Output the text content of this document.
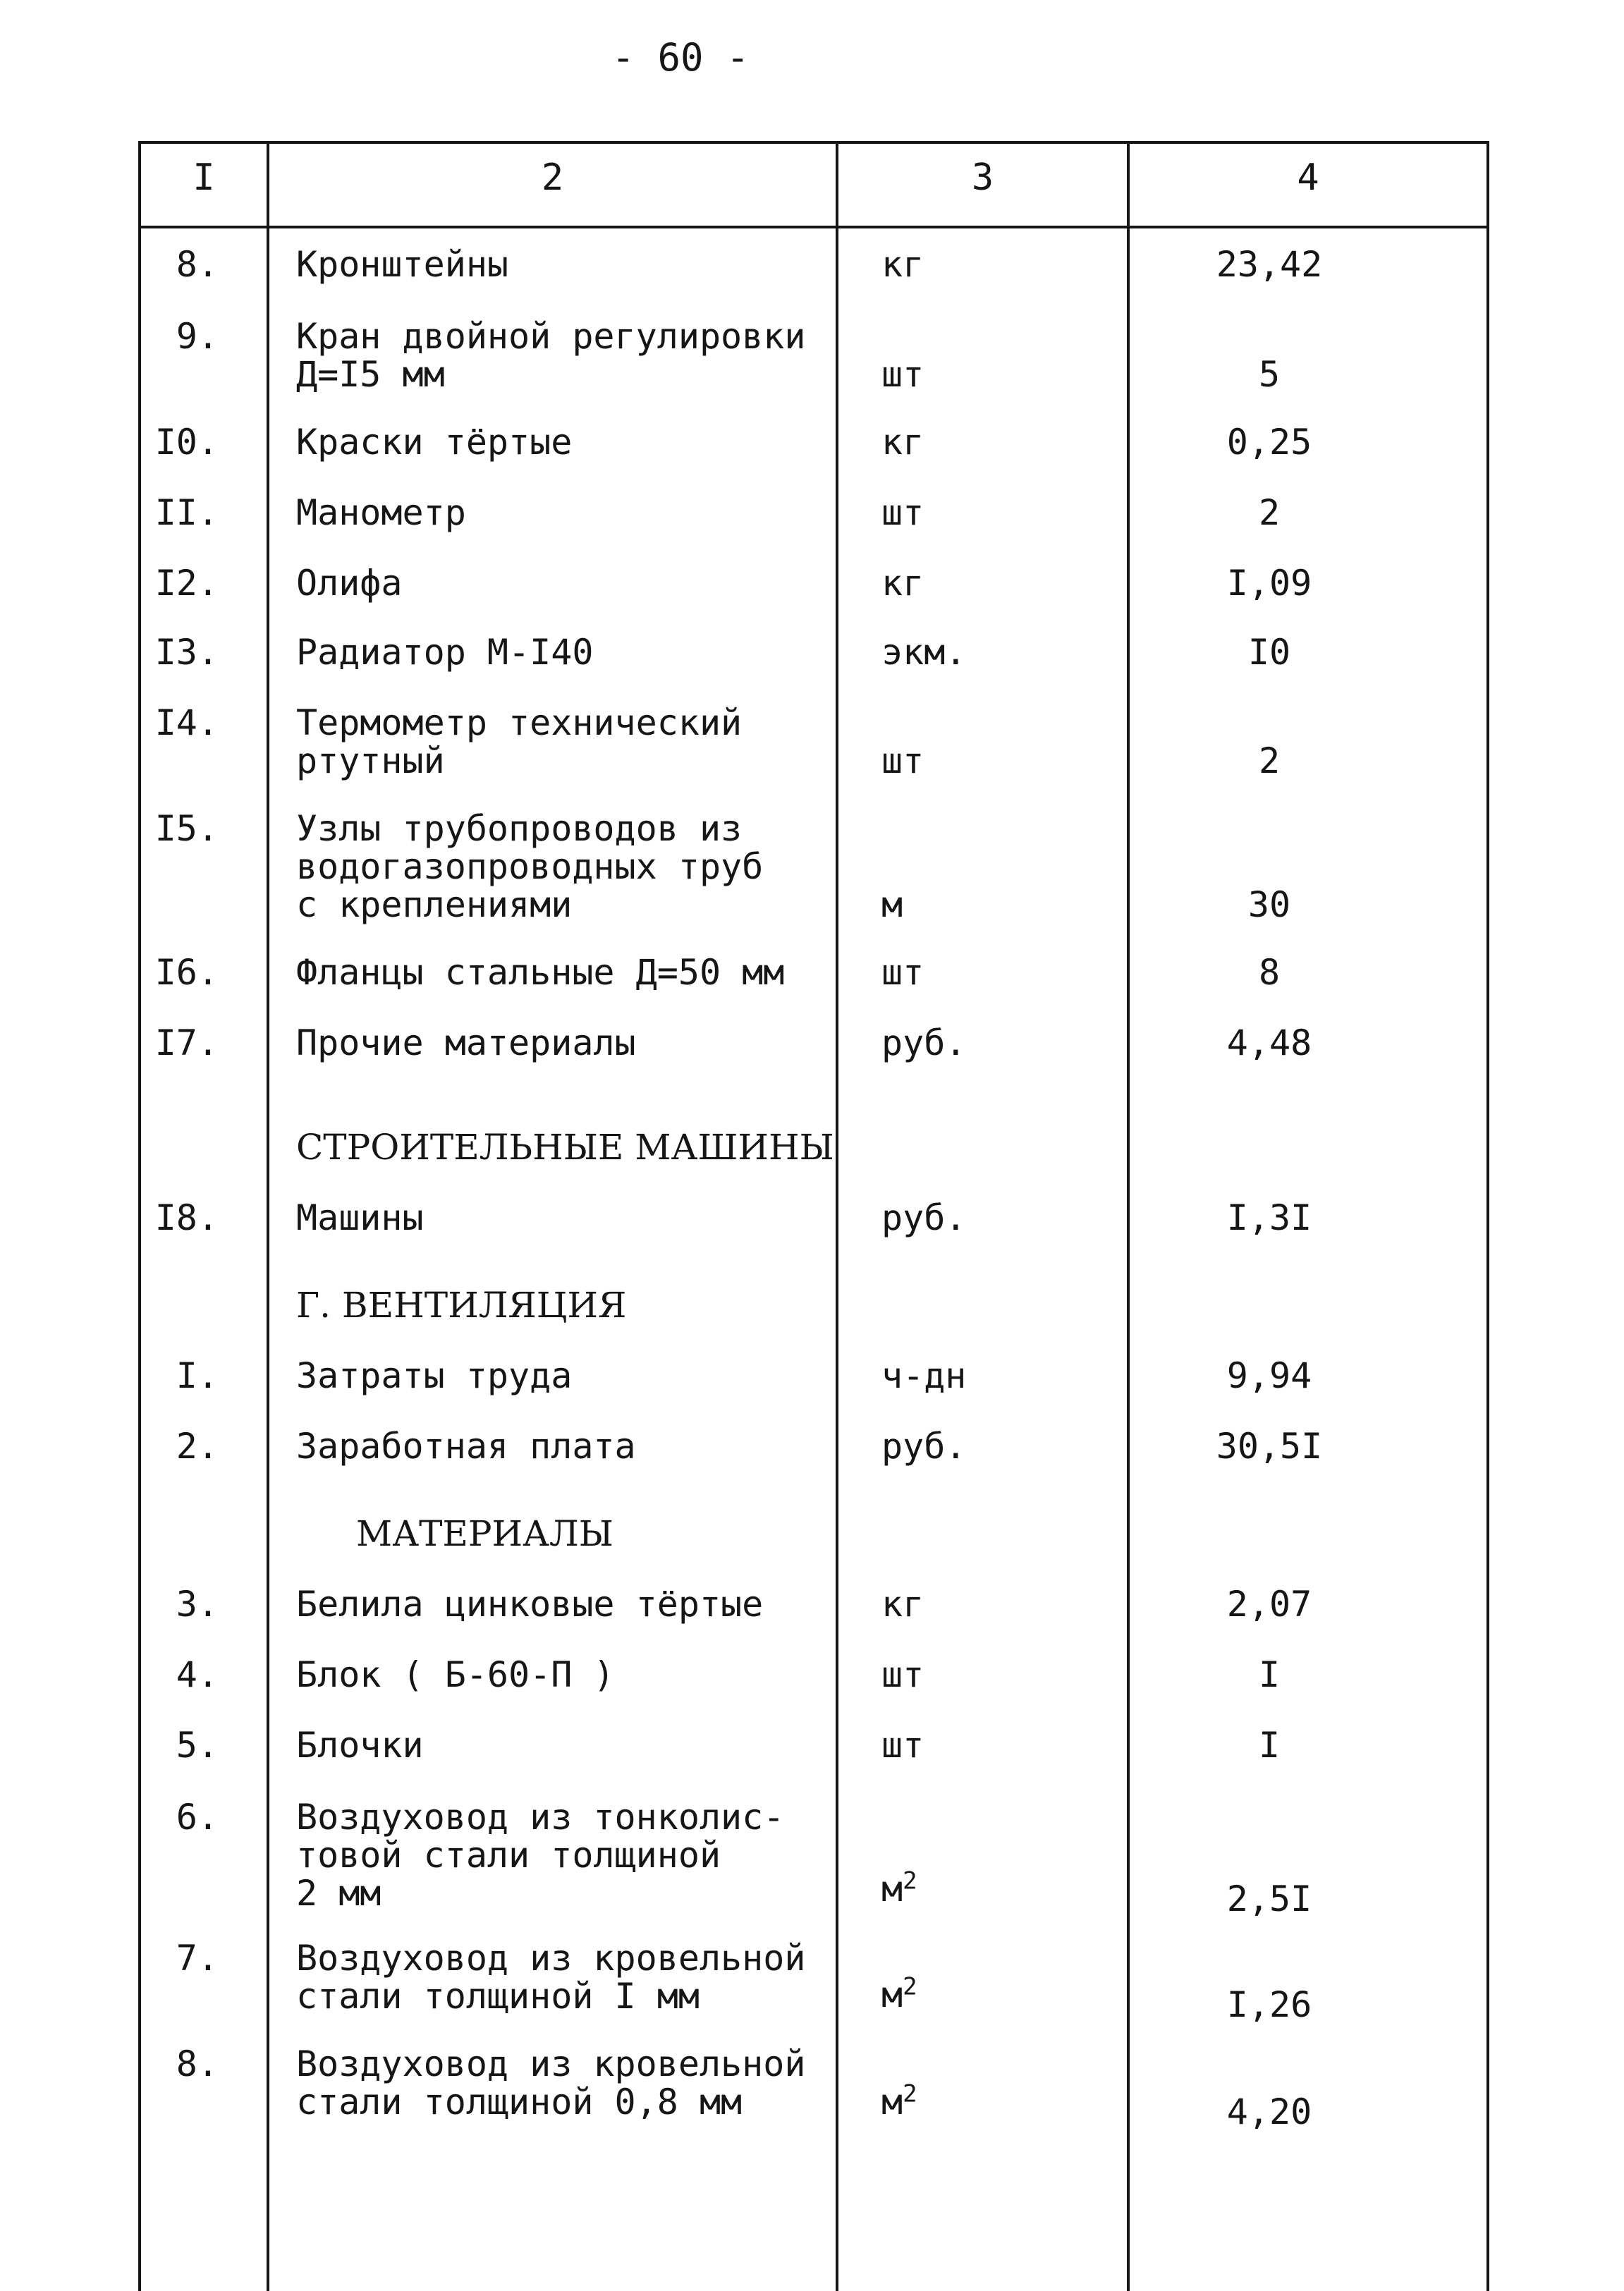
- 60 -
I	2	3	4
8. Кронштейны	кг	23,42
9. Кран двойной регулировки
Д=I5 мм	шт	5
I0. Краски тёртые	кг	0,25
II. Манометр	шт	2
I2. Олифа	кг	I,09
I3. Радиатор М-I40	экм.	I0
I4. Термометр технический
ртутный	шт	2
I5. Узлы трубопроводов из
водогазопроводных труб
с креплениями	м	30
I6. Фланцы стальные Д=50 мм	шт	8
I7. Прочие материалы	руб.	4,48
СТРОИТЕЛЬНЫЕ МАШИНЫ
I8. Машины	руб.	I,3I
Г. ВЕНТИЛЯЦИЯ
I. Затраты труда	ч-дн	9,94
2. Заработная плата	руб.	30,5I
МАТЕРИАЛЫ
3. Белила цинковые тёртые	кг	2,07
4. Блок ( Б-60-П )	шт	I
5. Блочки	шт	I
6. Воздуховод из тонколис-
товой стали толщиной
2 мм	$м^2$	2,5I
7. Воздуховод из кровельной
стали толщиной I мм	$м^2$	I,26
8. Воздуховод из кровельной
стали толщиной 0,8 мм	$м^2$	4,20
